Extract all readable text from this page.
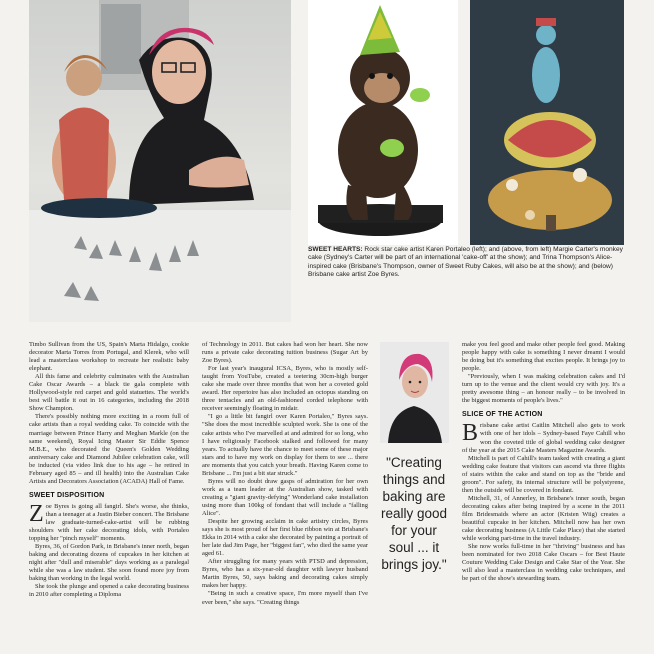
SWEET HEARTS: Rock star cake artist Karen Portaleo (left); and (above, from left) Margie Carter's monkey cake (Sydney's Carter will be part of an international 'cake-off' at the show); and Trina Thompson's Alice-inspired cake (Brisbane's Thompson, owner of Sweet Ruby Cakes, will also be at the show); and (below) Brisbane cake artist Zoe Byres.

Timbo Sullivan from the US, Spain's Marta Hidalgo, cookie decorator Marta Torres from Portugal, and Klerek, who will lead a masterclass workshop to recreate her realistic baby elephant.

All this fame and celebrity culminates with the Australian Cake Oscar Awards – a black tie gala complete with Hollywood-style red carpet and gold statuettes. The world's best will battle it out in 16 categories, including the 2018 Show Champion.

There's possibly nothing more exciting in a room full of cake artists than a royal wedding cake. To coincide with the marriage between Prince Harry and Meghan Markle (on the same weekend), Royal Icing Master Sir Eddie Spence M.B.E., who decorated the Queen's Golden Wedding anniversary cake and Diamond Jubilee celebration cake, will be inducted (via video link due to his age – he retired in February aged 85 – and ill health) into the Australian Cake Artists and Decorators Association (ACADA) Hall of Fame.

SWEET DISPOSITION

Zoe Byres is going all fangirl. She's worse, she thinks, than a teenager at a Justin Bieber concert. The Brisbane law graduate-turned-cake-artist will be rubbing shoulders with her cake decorating idols, with Portaleo topping her "pinch myself" moments.

Byres, 36, of Gordon Park, in Brisbane's inner north, began baking and decorating dozens of cupcakes in her kitchen at night after "dull and miserable" days working as a paralegal while she was a law student. She soon found more joy from baking than working in the legal world.

She took the plunge and opened a cake decorating business in 2010 after completing a Diploma

of Technology in 2011. But cakes had won her heart. She now runs a private cake decorating tuition business (Sugar Art by Zoe Byres).

For last year's inaugural ICSA, Byres, who is mostly self-taught from YouTube, created a teetering 30cm-high burger cake she made over three months that won her a coveted gold award. Her repertoire has also included an octopus standing on three tentacles and an old-fashioned corded telephone with receiver seemingly floating in midair.

"I go a little bit fangirl over Karen Portaleo," Byres says. "She does the most incredible sculpted work. She is one of the cake artists who I've marvelled at and admired for so long, who I have religiously Facebook stalked and followed for many years. To actually have the chance to meet some of these major stars and to have my work on display for them to see ... there are moments that you catch your breath. Having Karen come to Brisbane ... I'm just a bit star struck."

Byres will no doubt draw gasps of admiration for her own work as a team leader at the Australian show, tasked with creating a "giant gravity-defying" Wonderland cake installation using more than 100kg of fondant that will include a "falling Alice".

Despite her growing acclaim in cake artistry circles, Byres says she is most proud of her first blue ribbon win at Brisbane's Ekka in 2014 with a cake she decorated by painting a portrait of her late dad Jim Page, her "biggest fan", who died the same year aged 61.

After struggling for many years with PTSD and depression, Byres, who has a six-year-old daughter with lawyer husband Martin Byres, 50, says baking and decorating cakes simply makes her happy.

"Being in such a creative space, I'm more myself than I've ever been," she says. "Creating things

"Creating things and baking are really good for your soul ... it brings joy."

make you feel good and make other people feel good. Making people happy with cake is something I never dreamt I would be doing but it's something that excites people. It brings joy to people.

"Previously, when I was making celebration cakes and I'd turn up to the venue and the client would cry with joy. It's a pretty awesome thing – an honour really – to be involved in the biggest moments of people's lives."

SLICE OF THE ACTION

Brisbane cake artist Caitlin Mitchell also gets to work with one of her idols – Sydney-based Faye Cahill who won the coveted title of global wedding cake designer of the year at the 2015 Cake Masters Magazine Awards.

Mitchell is part of Cahill's team tasked with creating a giant wedding cake feature that visitors can ascend via three flights of stairs within the cake and stand on top as the "bride and groom". For safety, its internal structure will be polystyrene, then the outside will be covered in fondant.

Mitchell, 31, of Annerley, in Brisbane's inner south, began decorating cakes after being inspired by a scene in the 2011 film Bridesmaids where an actor (Kristen Wiig) creates a beautiful cupcake in her kitchen. Mitchell now has her own cake decorating business (A Little Cake Place) that she started while working part-time in the travel industry.

She now works full-time in her "thriving" business and has been nominated for two 2018 Cake Oscars – for Best Haute Couture Wedding Cake Design and Cake Star of the Year. She will also lead a masterclass in wedding cake techniques, and be part of the show's stewarding team.
